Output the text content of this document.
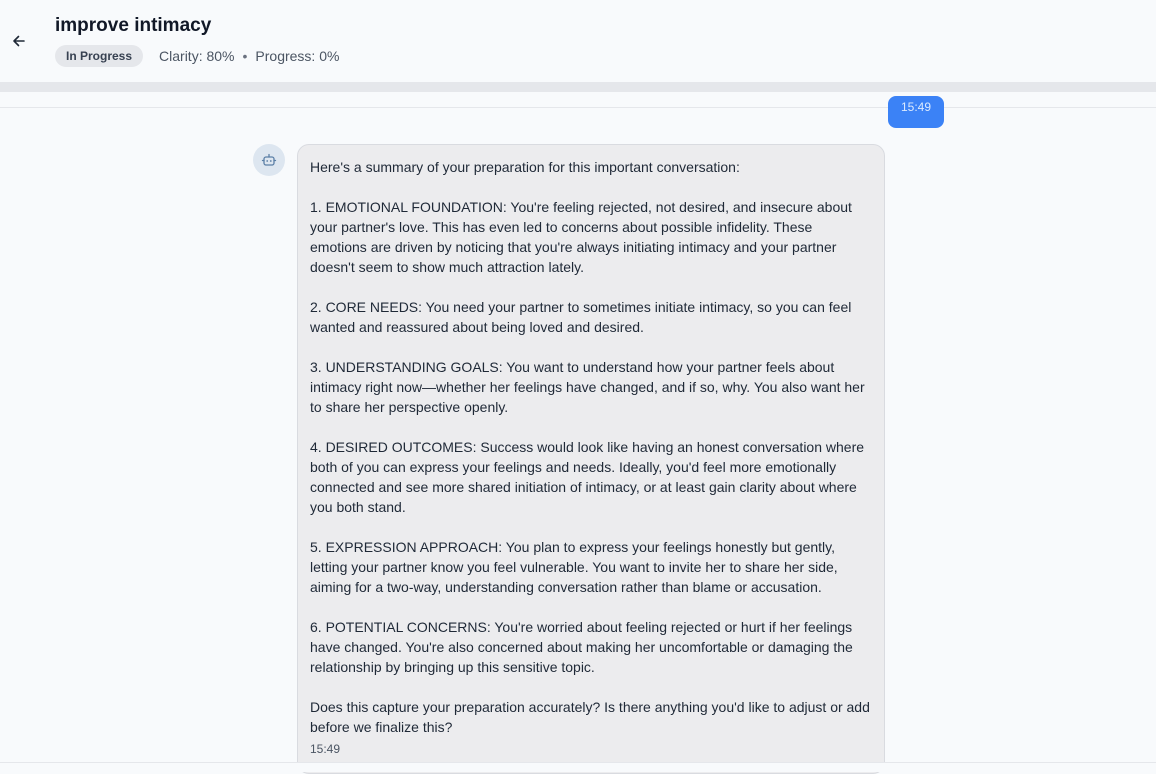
improve intimacy
In Progress	Clarity: 80% • Progress: 0%
15:49

Here's a summary of your preparation for this important conversation:

1. EMOTIONAL FOUNDATION: You're feeling rejected, not desired, and insecure about your partner's love. This has even led to concerns about possible infidelity. These emotions are driven by noticing that you're always initiating intimacy and your partner doesn't seem to show much attraction lately.

2. CORE NEEDS: You need your partner to sometimes initiate intimacy, so you can feel wanted and reassured about being loved and desired.

3. UNDERSTANDING GOALS: You want to understand how your partner feels about intimacy right now—whether her feelings have changed, and if so, why. You also want her to share her perspective openly.

4. DESIRED OUTCOMES: Success would look like having an honest conversation where both of you can express your feelings and needs. Ideally, you'd feel more emotionally connected and see more shared initiation of intimacy, or at least gain clarity about where you both stand.

5. EXPRESSION APPROACH: You plan to express your feelings honestly but gently, letting your partner know you feel vulnerable. You want to invite her to share her side, aiming for a two-way, understanding conversation rather than blame or accusation.

6. POTENTIAL CONCERNS: You're worried about feeling rejected or hurt if her feelings have changed. You're also concerned about making her uncomfortable or damaging the relationship by bringing up this sensitive topic.

Does this capture your preparation accurately? Is there anything you'd like to adjust or add before we finalize this?

15:49
